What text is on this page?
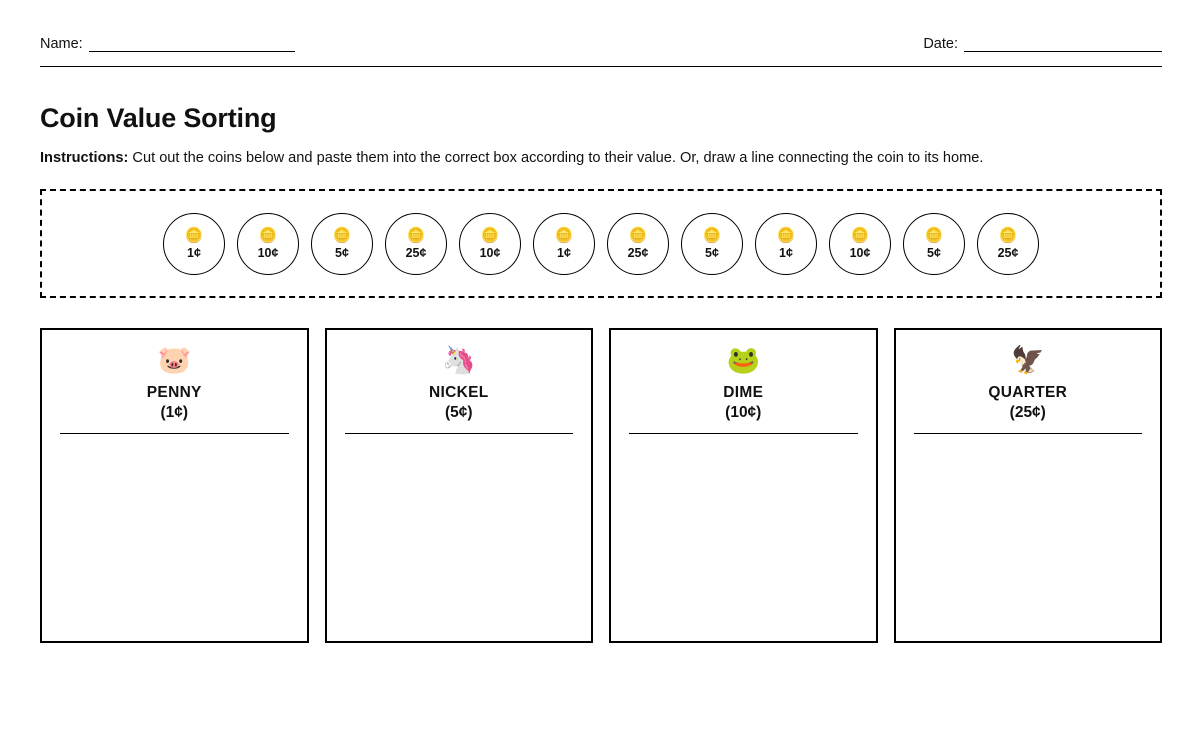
Name:	Date:
Coin Value Sorting
Instructions: Cut out the coins below and paste them into the correct box according to their value. Or, draw a line connecting the coin to its home.
🪙
1¢
🪙
10¢
🪙
5¢
🪙
25¢
🪙
10¢
🪙
1¢
🪙
25¢
🪙
5¢
🪙
1¢
🪙
10¢
🪙
5¢
🪙
25¢
🐷
PENNY
(1¢)
🦄
NICKEL
(5¢)
🐸
DIME
(10¢)
🦅
QUARTER
(25¢)
